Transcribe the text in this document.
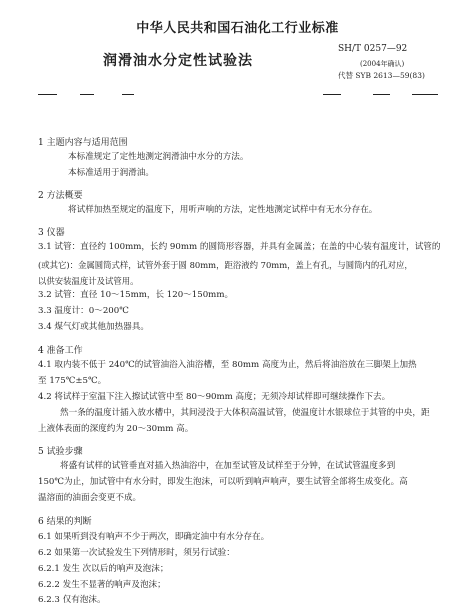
中华人民共和国石油化工行业标准
润滑油水分定性试验法
SH/T 0257—92
(2004年确认)
代替 SYB 2613—59(83)
1 主题内容与适用范围
本标准规定了定性地测定润滑油中水分的方法。
本标准适用于润滑油。
2 方法概要
将试样加热至规定的温度下，用听声响的方法，定性地测定试样中有无水分存在。
3 仪器
3.1 试管：直径约 100mm，长约 90mm 的圆筒形容器，并具有金属盖；在盖的中心装有温度计，试管的
(或其它)：金属圆筒式样，试管外套于圆 80mm，距浴液约 70mm，盖上有孔，与圆筒内的孔对应，
以供安装温度计及试管用。
3.2 试管：直径 10～15mm，长 120～150mm。
3.3 温度计：0～200℃
3.4 煤气灯或其他加热器具。
4 准备工作
4.1 取内装不低于 240℃的试管油浴入油浴槽，至 80mm 高度为止，然后将油浴放在三脚架上加热
至 175℃±5℃。
4.2 将试样于室温下注入擦试试管中至 80～90mm 高度；无须冷却试样即可继续操作下去。
然一条的温度计插入放水槽中，其间浸没于大体积高温试管，使温度计水银球位于其管的中央，距
上液体表面的深度约为 20～30mm 高。
5 试验步骤
将盛有试样的试管垂直对插入热油浴中，在加至试管及试样至于分钟，在试试管温度多到
150℃为止，加试管中有水分时，即发生泡沫，可以听到响声响声，要生试管全部将生成变化。高
温溶面的油面会变更不成。
6 结果的判断
6.1 如果听到没有响声不少于两次，即确定油中有水分存在。
6.2 如果第一次试验发生下列情形时，须另行试验：
6.2.1 发生 次以后的响声及泡沫；
6.2.2 发生不显著的响声及泡沫；
6.2.3 仅有泡沫。
